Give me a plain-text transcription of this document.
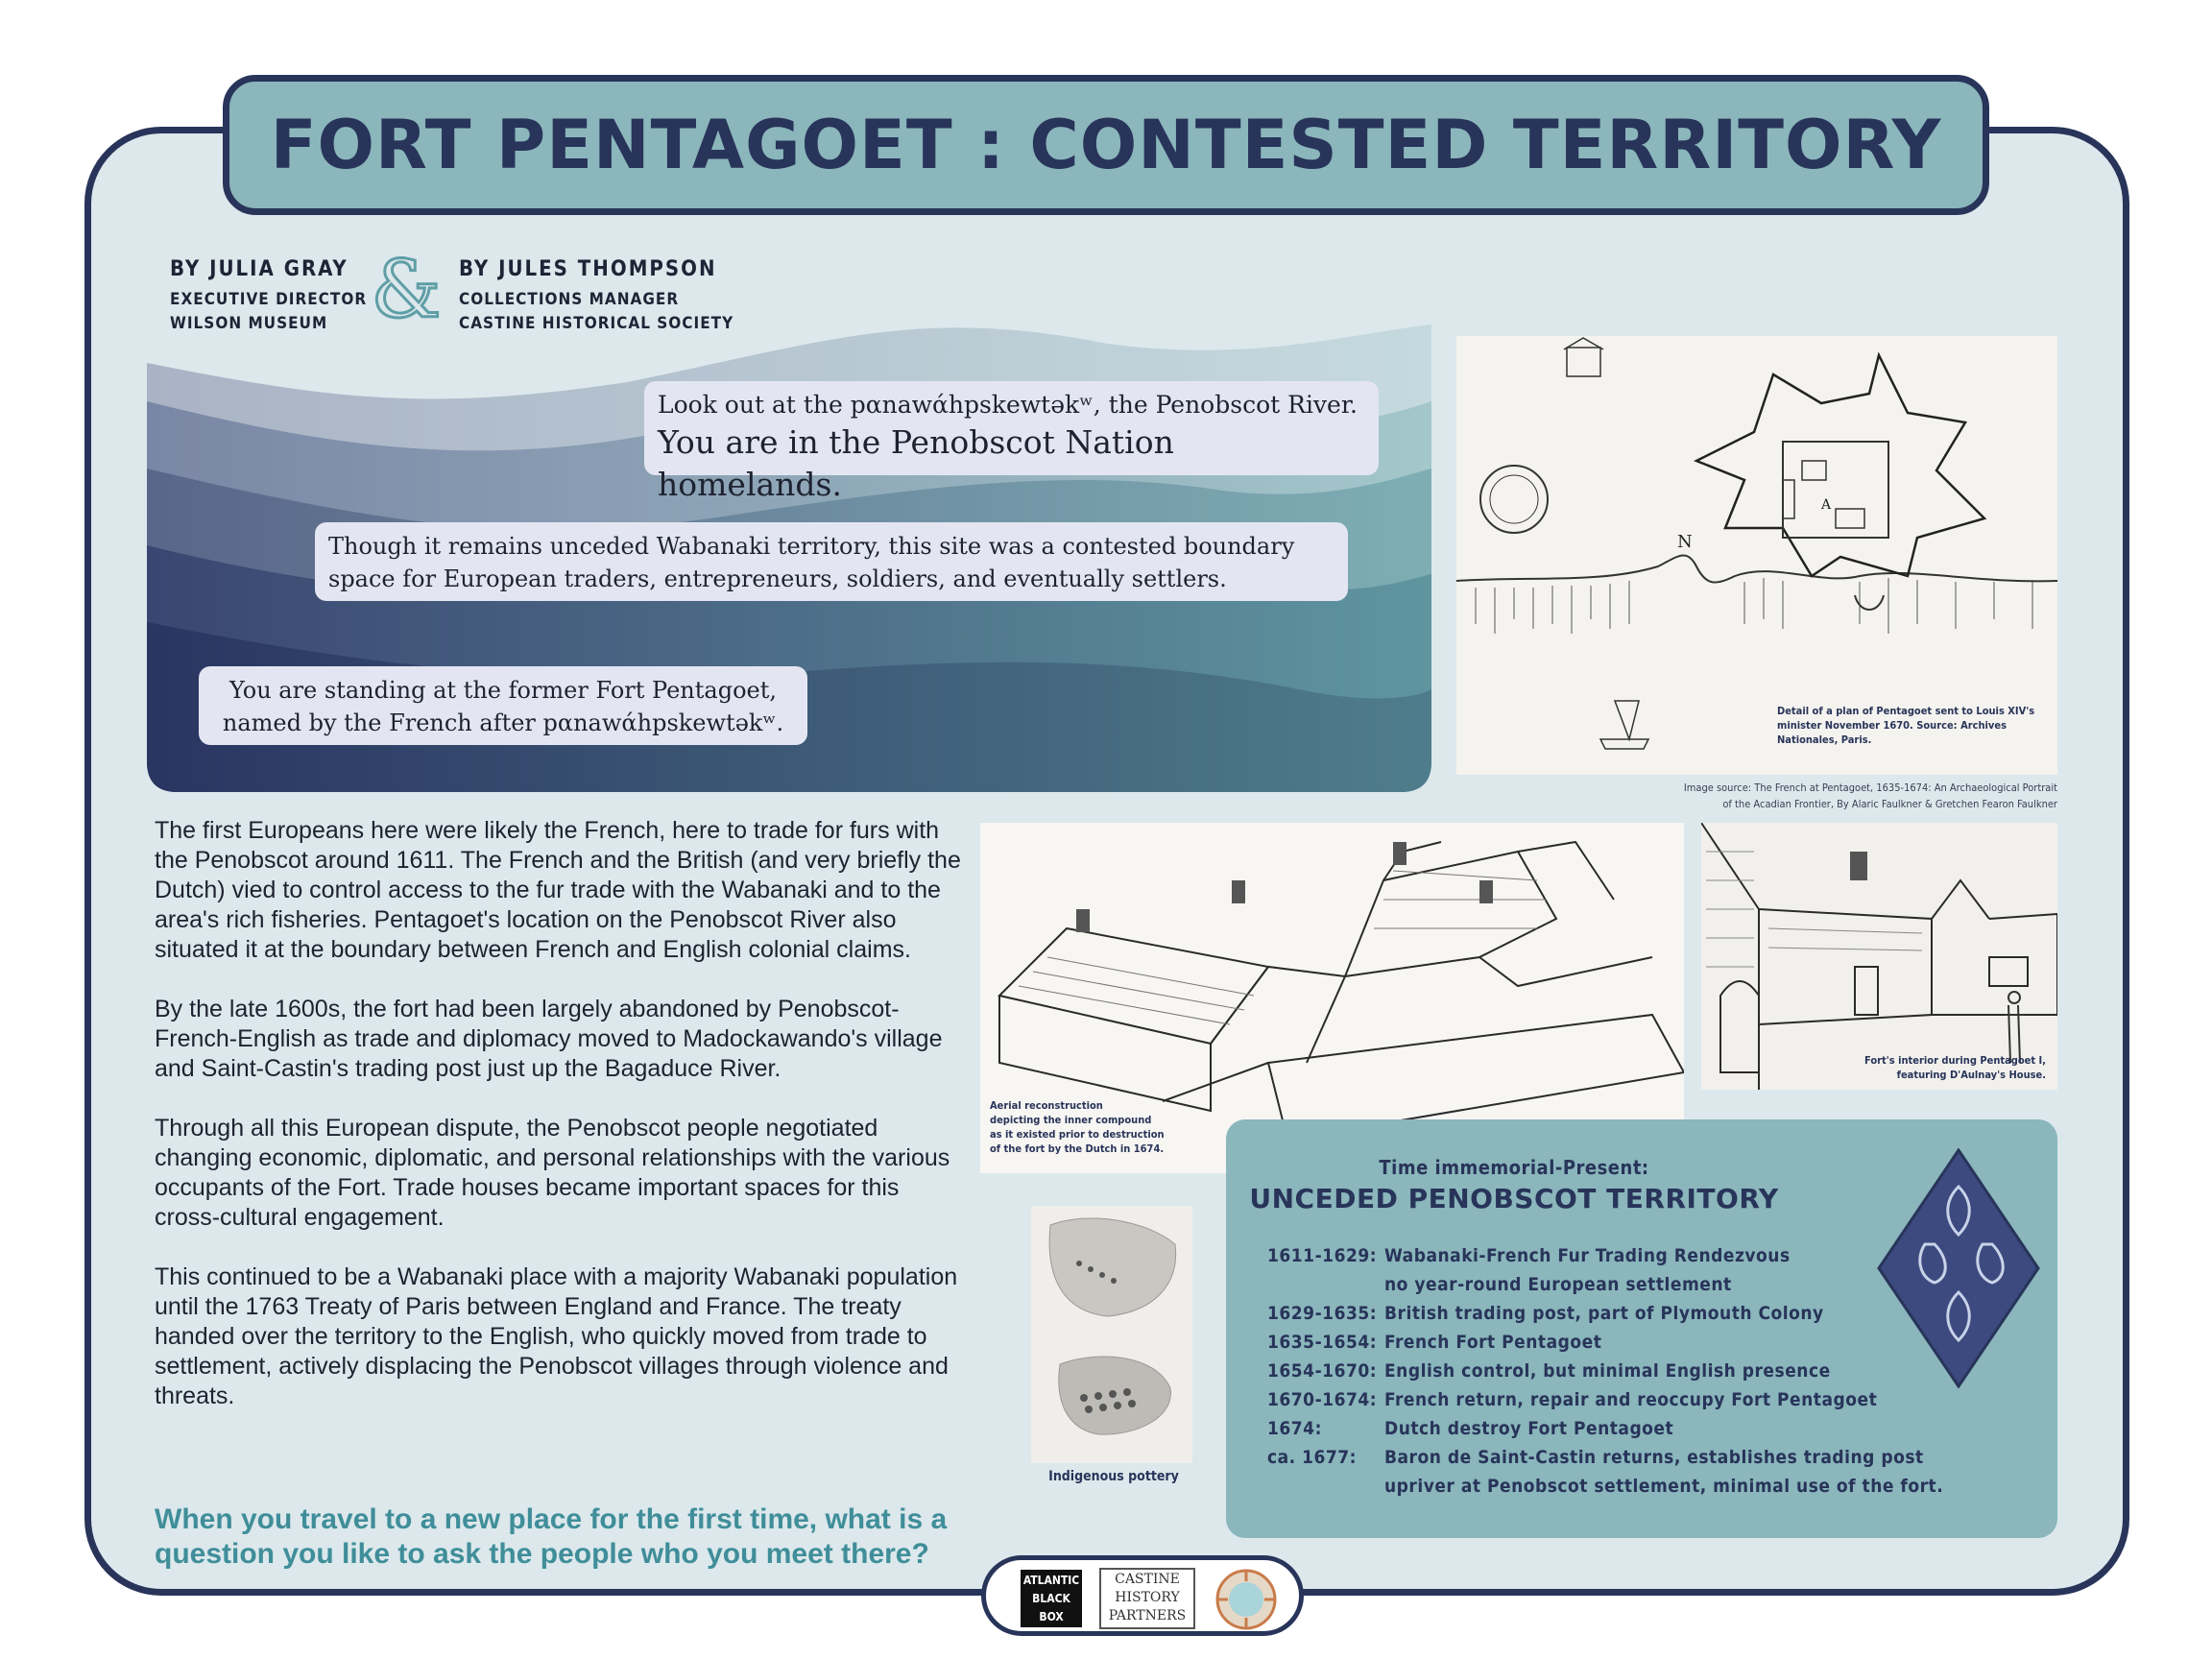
FORT PENTAGOET : CONTESTED TERRITORY
BY JULIA GRAY
EXECUTIVE DIRECTOR
WILSON MUSEUM & BY JULES THOMPSON
COLLECTIONS MANAGER
CASTINE HISTORICAL SOCIETY
Look out at the pαnawάhpskewtəkʷ, the Penobscot River.
You are in the Penobscot Nation homelands.
Though it remains unceded Wabanaki territory, this site was a contested boundary
space for European traders, entrepreneurs, soldiers, and eventually settlers.
You are standing at the former Fort Pentagoet,
named by the French after pαnawάhpskewtəkʷ.
A
N
Detail of a plan of Pentagoet sent to Louis XIV's minister November 1670. Source: Archives Nationales, Paris.
Image source: The French at Pentagoet, 1635-1674: An Archaeological Portrait
of the Acadian Frontier, By Alaric Faulkner & Gretchen Fearon Faulkner

The first Europeans here were likely the French, here to trade for furs with the Penobscot around 1611. The French and the British (and very briefly the Dutch) vied to control access to the fur trade with the Wabanaki and to the area's rich fisheries. Pentagoet's location on the Penobscot River also situated it at the boundary between French and English colonial claims.

By the late 1600s, the fort had been largely abandoned by Penobscot-French-English as trade and diplomacy moved to Madockawando's village and Saint-Castin's trading post just up the Bagaduce River.

Through all this European dispute, the Penobscot people negotiated changing economic, diplomatic, and personal relationships with the various occupants of the Fort. Trade houses became important spaces for this cross-cultural engagement.

This continued to be a Wabanaki place with a majority Wabanaki population until the 1763 Treaty of Paris between England and France. The treaty handed over the territory to the English, who quickly moved from trade to settlement, actively displacing the Penobscot villages through violence and threats.

When you travel to a new place for the first time, what is a question you like to ask the people who you meet there?
Aerial reconstruction
depicting the inner compound
as it existed prior to destruction
of the fort by the Dutch in 1674.
Fort's interior during Pentagoet I,
featuring D'Aulnay's House.
Indigenous pottery
Time immemorial-Present:
UNCEDED PENOBSCOT TERRITORY
1611-1629: Wabanaki-French Fur Trading Rendezvous
no year-round European settlement
1629-1635: British trading post, part of Plymouth Colony
1635-1654: French Fort Pentagoet
1654-1670: English control, but minimal English presence
1670-1674: French return, repair and reoccupy Fort Pentagoet
1674:	Dutch destroy Fort Pentagoet
ca. 1677: Baron de Saint-Castin returns, establishes trading post
upriver at Penobscot settlement, minimal use of the fort.
ATLANTIC
BLACK
BOX
CASTINE
HISTORY
PARTNERS
